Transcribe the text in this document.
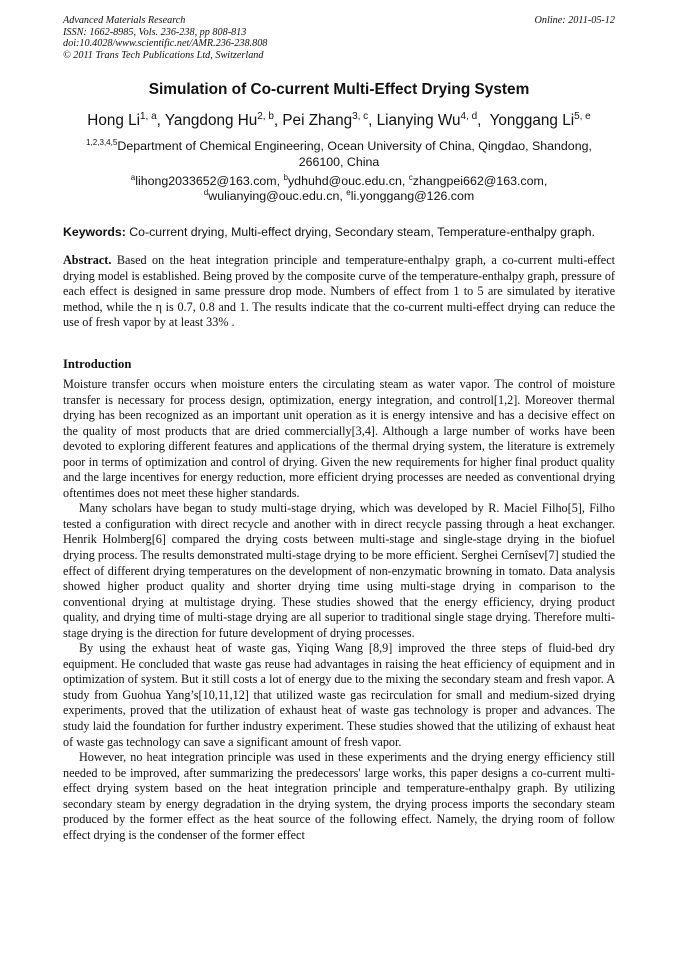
Advanced Materials Research
ISSN: 1662-8985, Vols. 236-238, pp 808-813
doi:10.4028/www.scientific.net/AMR.236-238.808
© 2011 Trans Tech Publications Ltd, Switzerland
Online: 2011-05-12
Simulation of Co-current Multi-Effect Drying System
Hong Li$^{1, a}$, Yangdong Hu$^{2, b}$, Pei Zhang$^{3, c}$, Lianying Wu$^{4, d}$,  Yonggang Li$^{5, e}$
$^{1,2,3,4,5}$Department of Chemical Engineering, Ocean University of China, Qingdao, Shandong, 266100, China
$^a$lihong2033652@163.com, $^b$ydhuhd@ouc.edu.cn, $^c$zhangpei662@163.com,
$^d$wulianying@ouc.edu.cn, $^e$li.yonggang@126.com
Keywords: Co-current drying, Multi-effect drying, Secondary steam, Temperature-enthalpy graph.
Abstract. Based on the heat integration principle and temperature-enthalpy graph, a co-current multi-effect drying model is established. Being proved by the composite curve of the temperature-enthalpy graph, pressure of each effect is designed in same pressure drop mode. Numbers of effect from 1 to 5 are simulated by iterative method, while the η is 0.7, 0.8 and 1. The results indicate that the co-current multi-effect drying can reduce the use of fresh vapor by at least 33% .
Introduction

Moisture transfer occurs when moisture enters the circulating steam as water vapor. The control of moisture transfer is necessary for process design, optimization, energy integration, and control[1,2]. Moreover thermal drying has been recognized as an important unit operation as it is energy intensive and has a decisive effect on the quality of most products that are dried commercially[3,4]. Although a large number of works have been devoted to exploring different features and applications of the thermal drying system, the literature is extremely poor in terms of optimization and control of drying. Given the new requirements for higher final product quality and the large incentives for energy reduction, more efficient drying processes are needed as conventional drying oftentimes does not meet these higher standards.

Many scholars have began to study multi-stage drying, which was developed by R. Maciel Filho[5], Filho tested a configuration with direct recycle and another with in direct recycle passing through a heat exchanger. Henrik Holmberg[6] compared the drying costs between multi-stage and single-stage drying in the biofuel drying process. The results demonstrated multi-stage drying to be more efficient. Serghei Cernîsev[7] studied the effect of different drying temperatures on the development of non-enzymatic browning in tomato. Data analysis showed higher product quality and shorter drying time using multi-stage drying in comparison to the conventional drying at multistage drying. These studies showed that the energy efficiency, drying product quality, and drying time of multi-stage drying are all superior to traditional single stage drying. Therefore multi-stage drying is the direction for future development of drying processes.

By using the exhaust heat of waste gas, Yiqing Wang [8,9] improved the three steps of fluid-bed dry equipment. He concluded that waste gas reuse had advantages in raising the heat efficiency of equipment and in optimization of system. But it still costs a lot of energy due to the mixing the secondary steam and fresh vapor. A study from Guohua Yang’s[10,11,12] that utilized waste gas recirculation for small and medium-sized drying experiments, proved that the utilization of exhaust heat of waste gas technology is proper and advances. The study laid the foundation for further industry experiment. These studies showed that the utilizing of exhaust heat of waste gas technology can save a significant amount of fresh vapor.

However, no heat integration principle was used in these experiments and the drying energy efficiency still needed to be improved, after summarizing the predecessors' large works, this paper designs a co-current multi-effect drying system based on the heat integration principle and temperature-enthalpy graph. By utilizing secondary steam by energy degradation in the drying system, the drying process imports the secondary steam produced by the former effect as the heat source of the following effect. Namely, the drying room of follow effect drying is the condenser of the former effect
